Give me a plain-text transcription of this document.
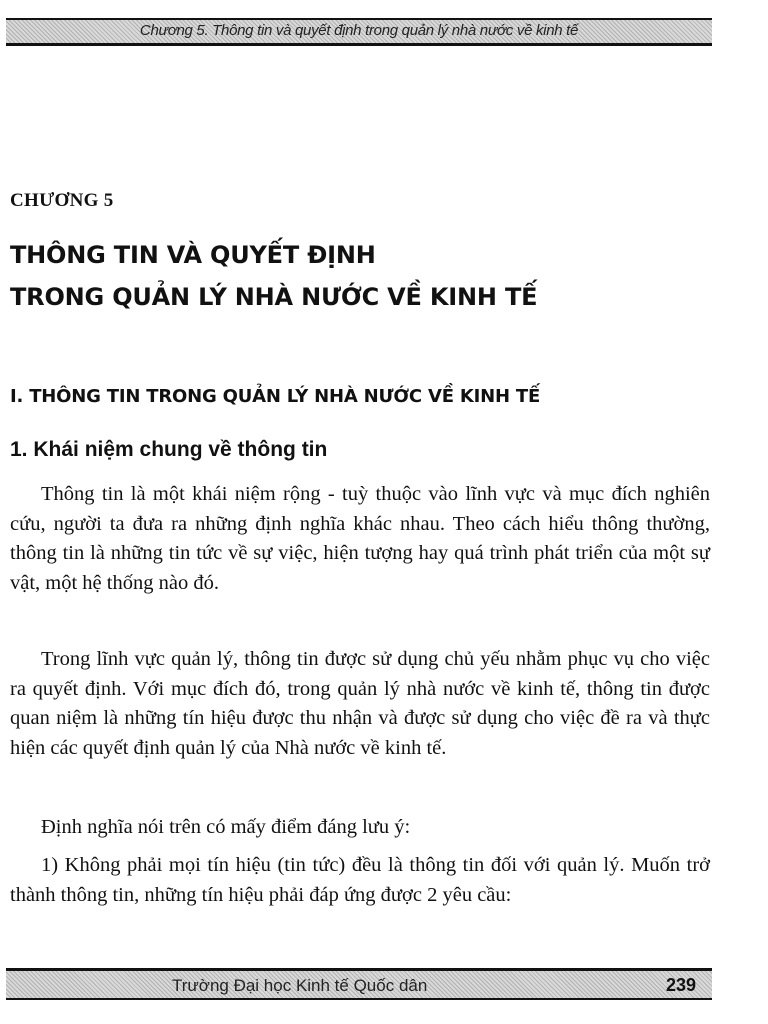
Chương 5. Thông tin và quyết định trong quản lý nhà nước về kinh tế
CHƯƠNG 5
THÔNG TIN VÀ QUYẾT ĐỊNH
TRONG QUẢN LÝ NHÀ NƯỚC VỀ KINH TẾ
I. THÔNG TIN TRONG QUẢN LÝ NHÀ NƯỚC VỀ KINH TẾ
1. Khái niệm chung về thông tin

Thông tin là một khái niệm rộng - tuỳ thuộc vào lĩnh vực và mục đích nghiên cứu, người ta đưa ra những định nghĩa khác nhau. Theo cách hiểu thông thường, thông tin là những tin tức về sự việc, hiện tượng hay quá trình phát triển của một sự vật, một hệ thống nào đó.

Trong lĩnh vực quản lý, thông tin được sử dụng chủ yếu nhằm phục vụ cho việc ra quyết định. Với mục đích đó, trong quản lý nhà nước về kinh tế, thông tin được quan niệm là những tín hiệu được thu nhận và được sử dụng cho việc đề ra và thực hiện các quyết định quản lý của Nhà nước về kinh tế.

Định nghĩa nói trên có mấy điểm đáng lưu ý:

1) Không phải mọi tín hiệu (tin tức) đều là thông tin đối với quản lý. Muốn trở thành thông tin, những tín hiệu phải đáp ứng được 2 yêu cầu:

Trường Đại học Kinh tế Quốc dân	239
